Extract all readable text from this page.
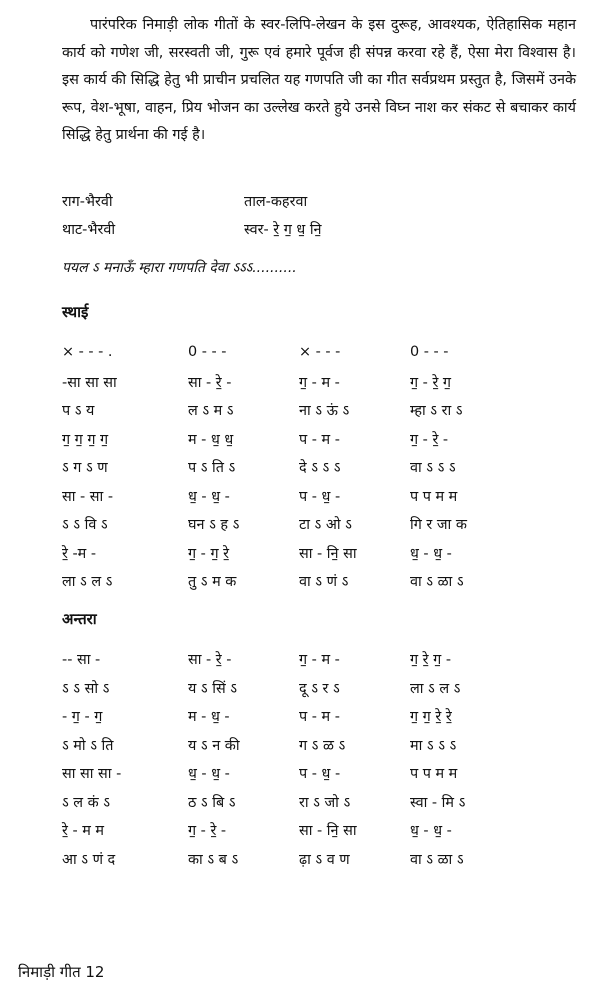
पारंपरिक निमाड़ी लोक गीतों के स्वर-लिपि-लेखन के इस दुरूह, आवश्यक, ऐतिहासिक महान कार्य को गणेश जी, सरस्वती जी, गुरू एवं हमारे पूर्वज ही संपन्न करवा रहे हैं, ऐसा मेरा विश्वास है। इस कार्य की सिद्धि हेतु भी प्राचीन प्रचलित यह गणपति जी का गीत सर्वप्रथम प्रस्तुत है, जिसमें उनके रूप, वेश-भूषा, वाहन, प्रिय भोजन का उल्लेख करते हुये उनसे विघ्न नाश कर संकट से बचाकर कार्य सिद्धि हेतु प्रार्थना की गई है।

राग-भैरवी	ताल-कहरवा
थाट-भैरवी	स्वर- रे॒ ग॒ ध॒ नि॒
पयल ऽ मनाऊँ म्हारा गणपति देवा ऽऽऽ..........
स्थाई
× - - - .	0 - - -	× - - -	0 - - -
-सा सा सा	सा - रे॒ -	ग॒ - म -	ग॒ - रे॒ ग॒
प ऽ य	ल ऽ म ऽ	ना ऽ ऊं ऽ	म्हा ऽ रा ऽ
ग॒ ग॒ ग॒ ग॒	म - ध॒ ध॒	प - म -	ग॒ - रे॒ -
ऽ ग ऽ ण	प ऽ ति ऽ	दे ऽ ऽ ऽ	वा ऽ ऽ ऽ
सा - सा -	ध॒ - ध॒ -	प - ध॒ -	प प म म
ऽ ऽ वि ऽ	घन ऽ ह ऽ	टा ऽ ओ ऽ	गि र जा क
रे॒ -म -	ग॒ - ग॒ रे॒	सा - नि॒ सा	ध॒ - ध॒ -
ला ऽ ल ऽ	तु ऽ म क	वा ऽ णं ऽ	वा ऽ ळा ऽ
अन्तरा
-- सा -	सा - रे॒ -	ग॒ - म -	ग॒ रे॒ ग॒ -
ऽ ऽ सो ऽ	य ऽ सिं ऽ	दू ऽ र ऽ	ला ऽ ल ऽ
- ग॒ - ग॒	म - ध॒ -	प - म -	ग॒ ग॒ रे॒ रे॒
ऽ मो ऽ ति	य ऽ न की	ग ऽ ळ ऽ	मा ऽ ऽ ऽ
सा सा सा -	ध॒ - ध॒ -	प - ध॒ -	प प म म
ऽ ल कं ऽ	ठ ऽ बि ऽ	रा ऽ जो ऽ	स्वा - मि ऽ
रे॒ - म म	ग॒ - रे॒ -	सा - नि॒ सा	ध॒ - ध॒ -
आ ऽ णं द	का ऽ ब ऽ	ढ़ा ऽ व ण	वा ऽ ळा ऽ
निमाड़ी गीत 12
